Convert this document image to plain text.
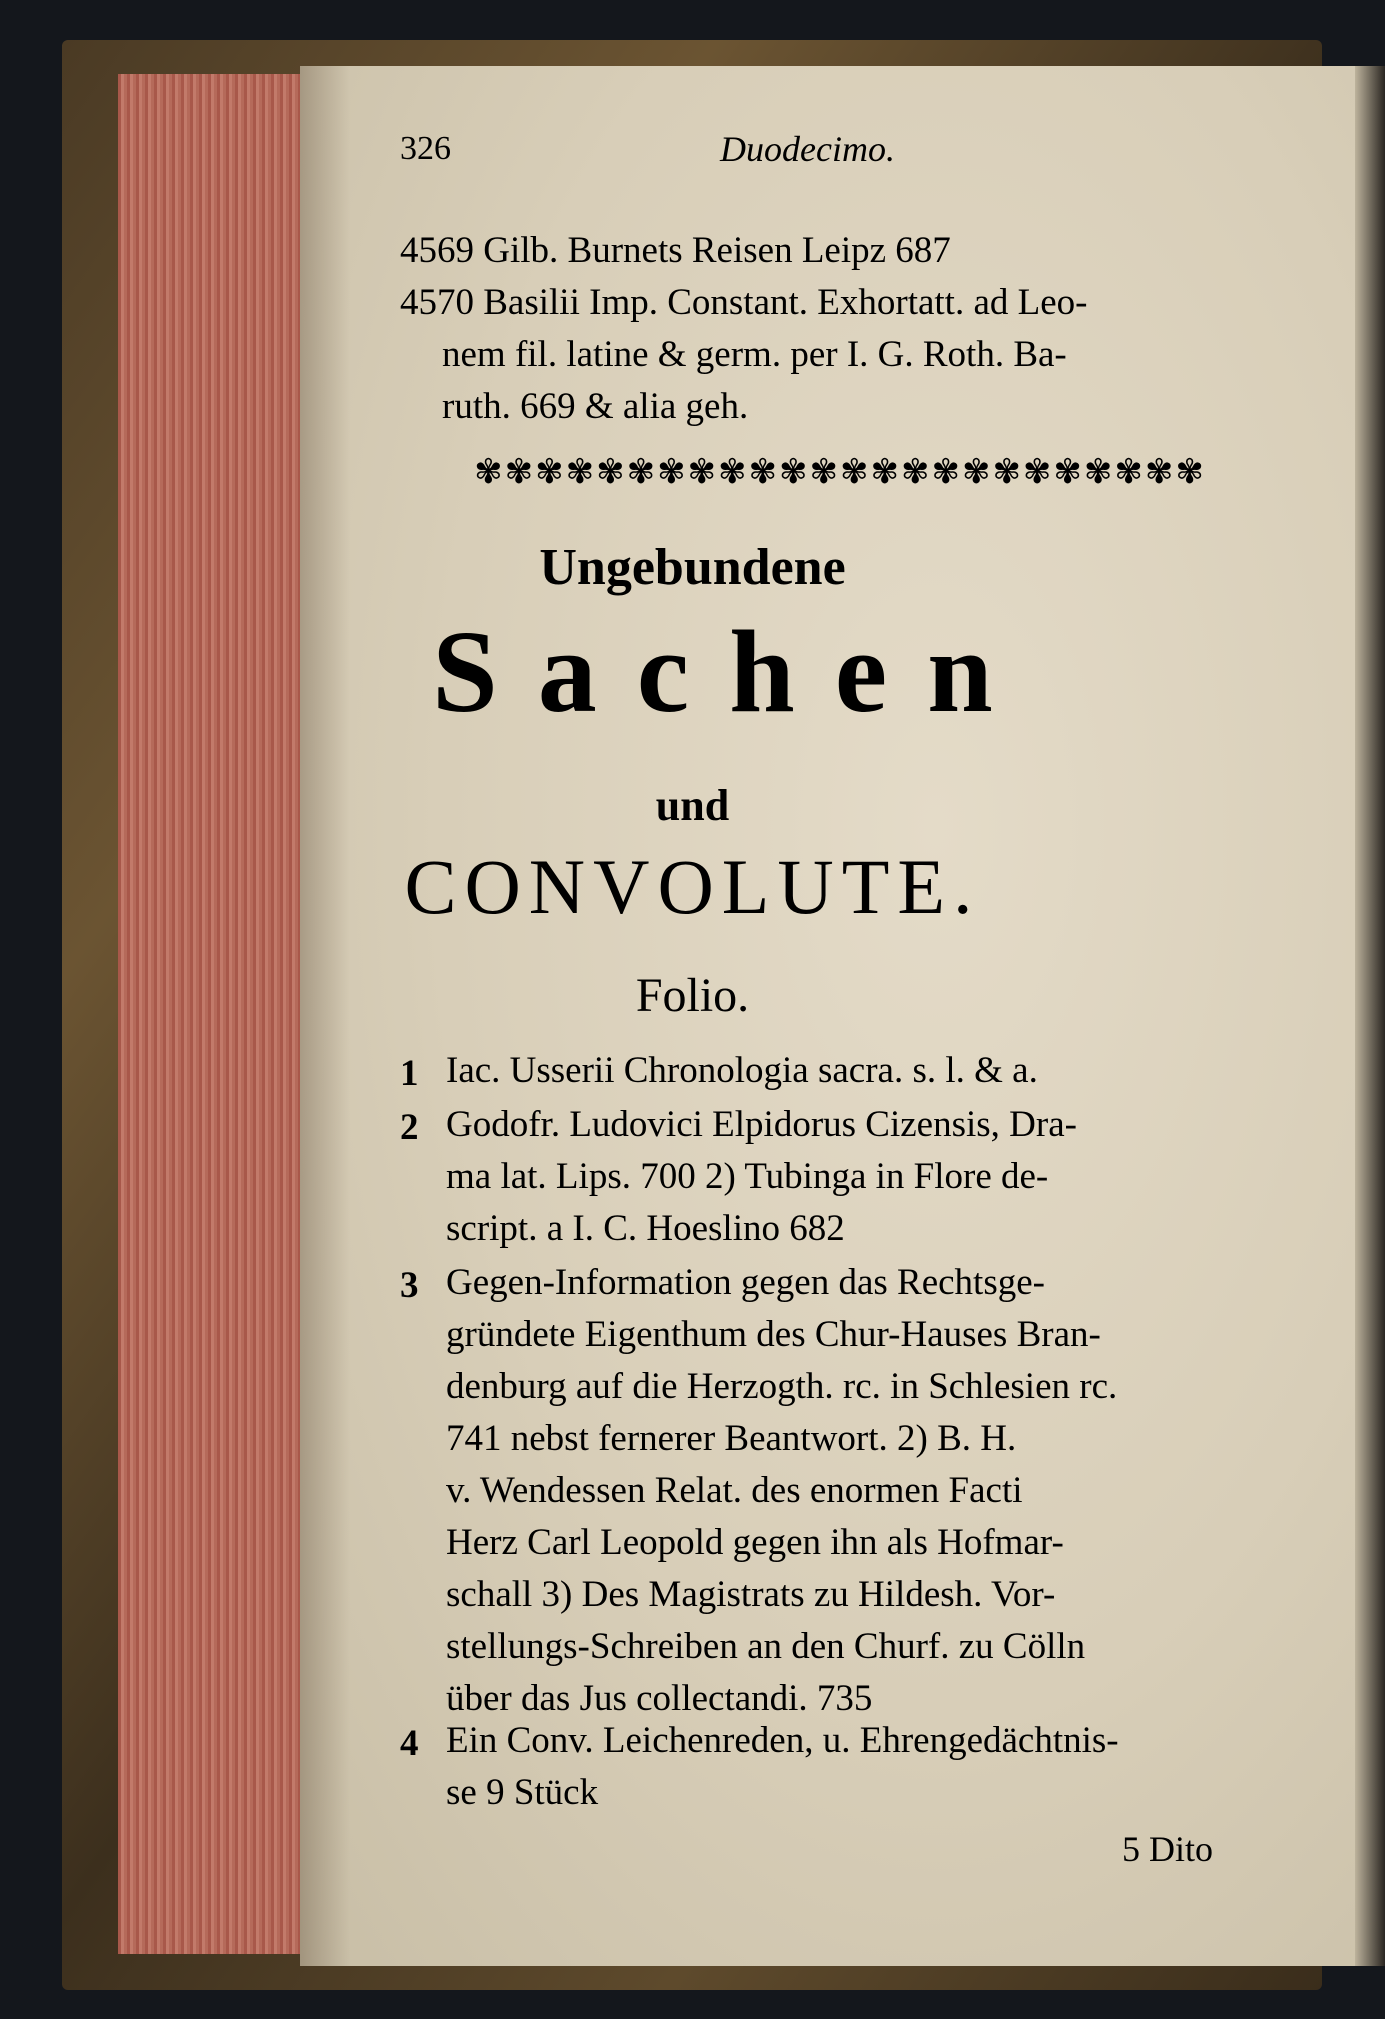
326	Duodecimo.
4569 Gilb. Burnets Reisen Leipz 687
4570 Basilii Imp. Constant. Exhortatt. ad Leo-
nem fil. latine & germ. per I. G. Roth. Ba-
ruth. 669 & alia geh.
✾✾✾✾✾✾✾✾✾✾✾✾✾✾✾✾✾✾✾✾✾✾✾✾
Ungebundene
Sachen
und
CONVOLUTE.
Folio.
1 Iac. Usserii Chronologia sacra. s. l. & a.
2 Godofr. Ludovici Elpidorus Cizensis, Dra-
ma lat. Lips. 700 2) Tubinga in Flore de-
script. a I. C. Hoeslino 682
3 Gegen-Information gegen das Rechtsge-
gründete Eigenthum des Chur-Hauses Bran-
denburg auf die Herzogth. rc. in Schlesien rc.
741 nebst fernerer Beantwort. 2) B. H.
v. Wendessen Relat. des enormen Facti
Herz Carl Leopold gegen ihn als Hofmar-
schall 3) Des Magistrats zu Hildesh. Vor-
stellungs-Schreiben an den Churf. zu Cölln
über das Jus collectandi. 735
4 Ein Conv. Leichenreden, u. Ehrengedächtnis-
se 9 Stück
5 Dito
